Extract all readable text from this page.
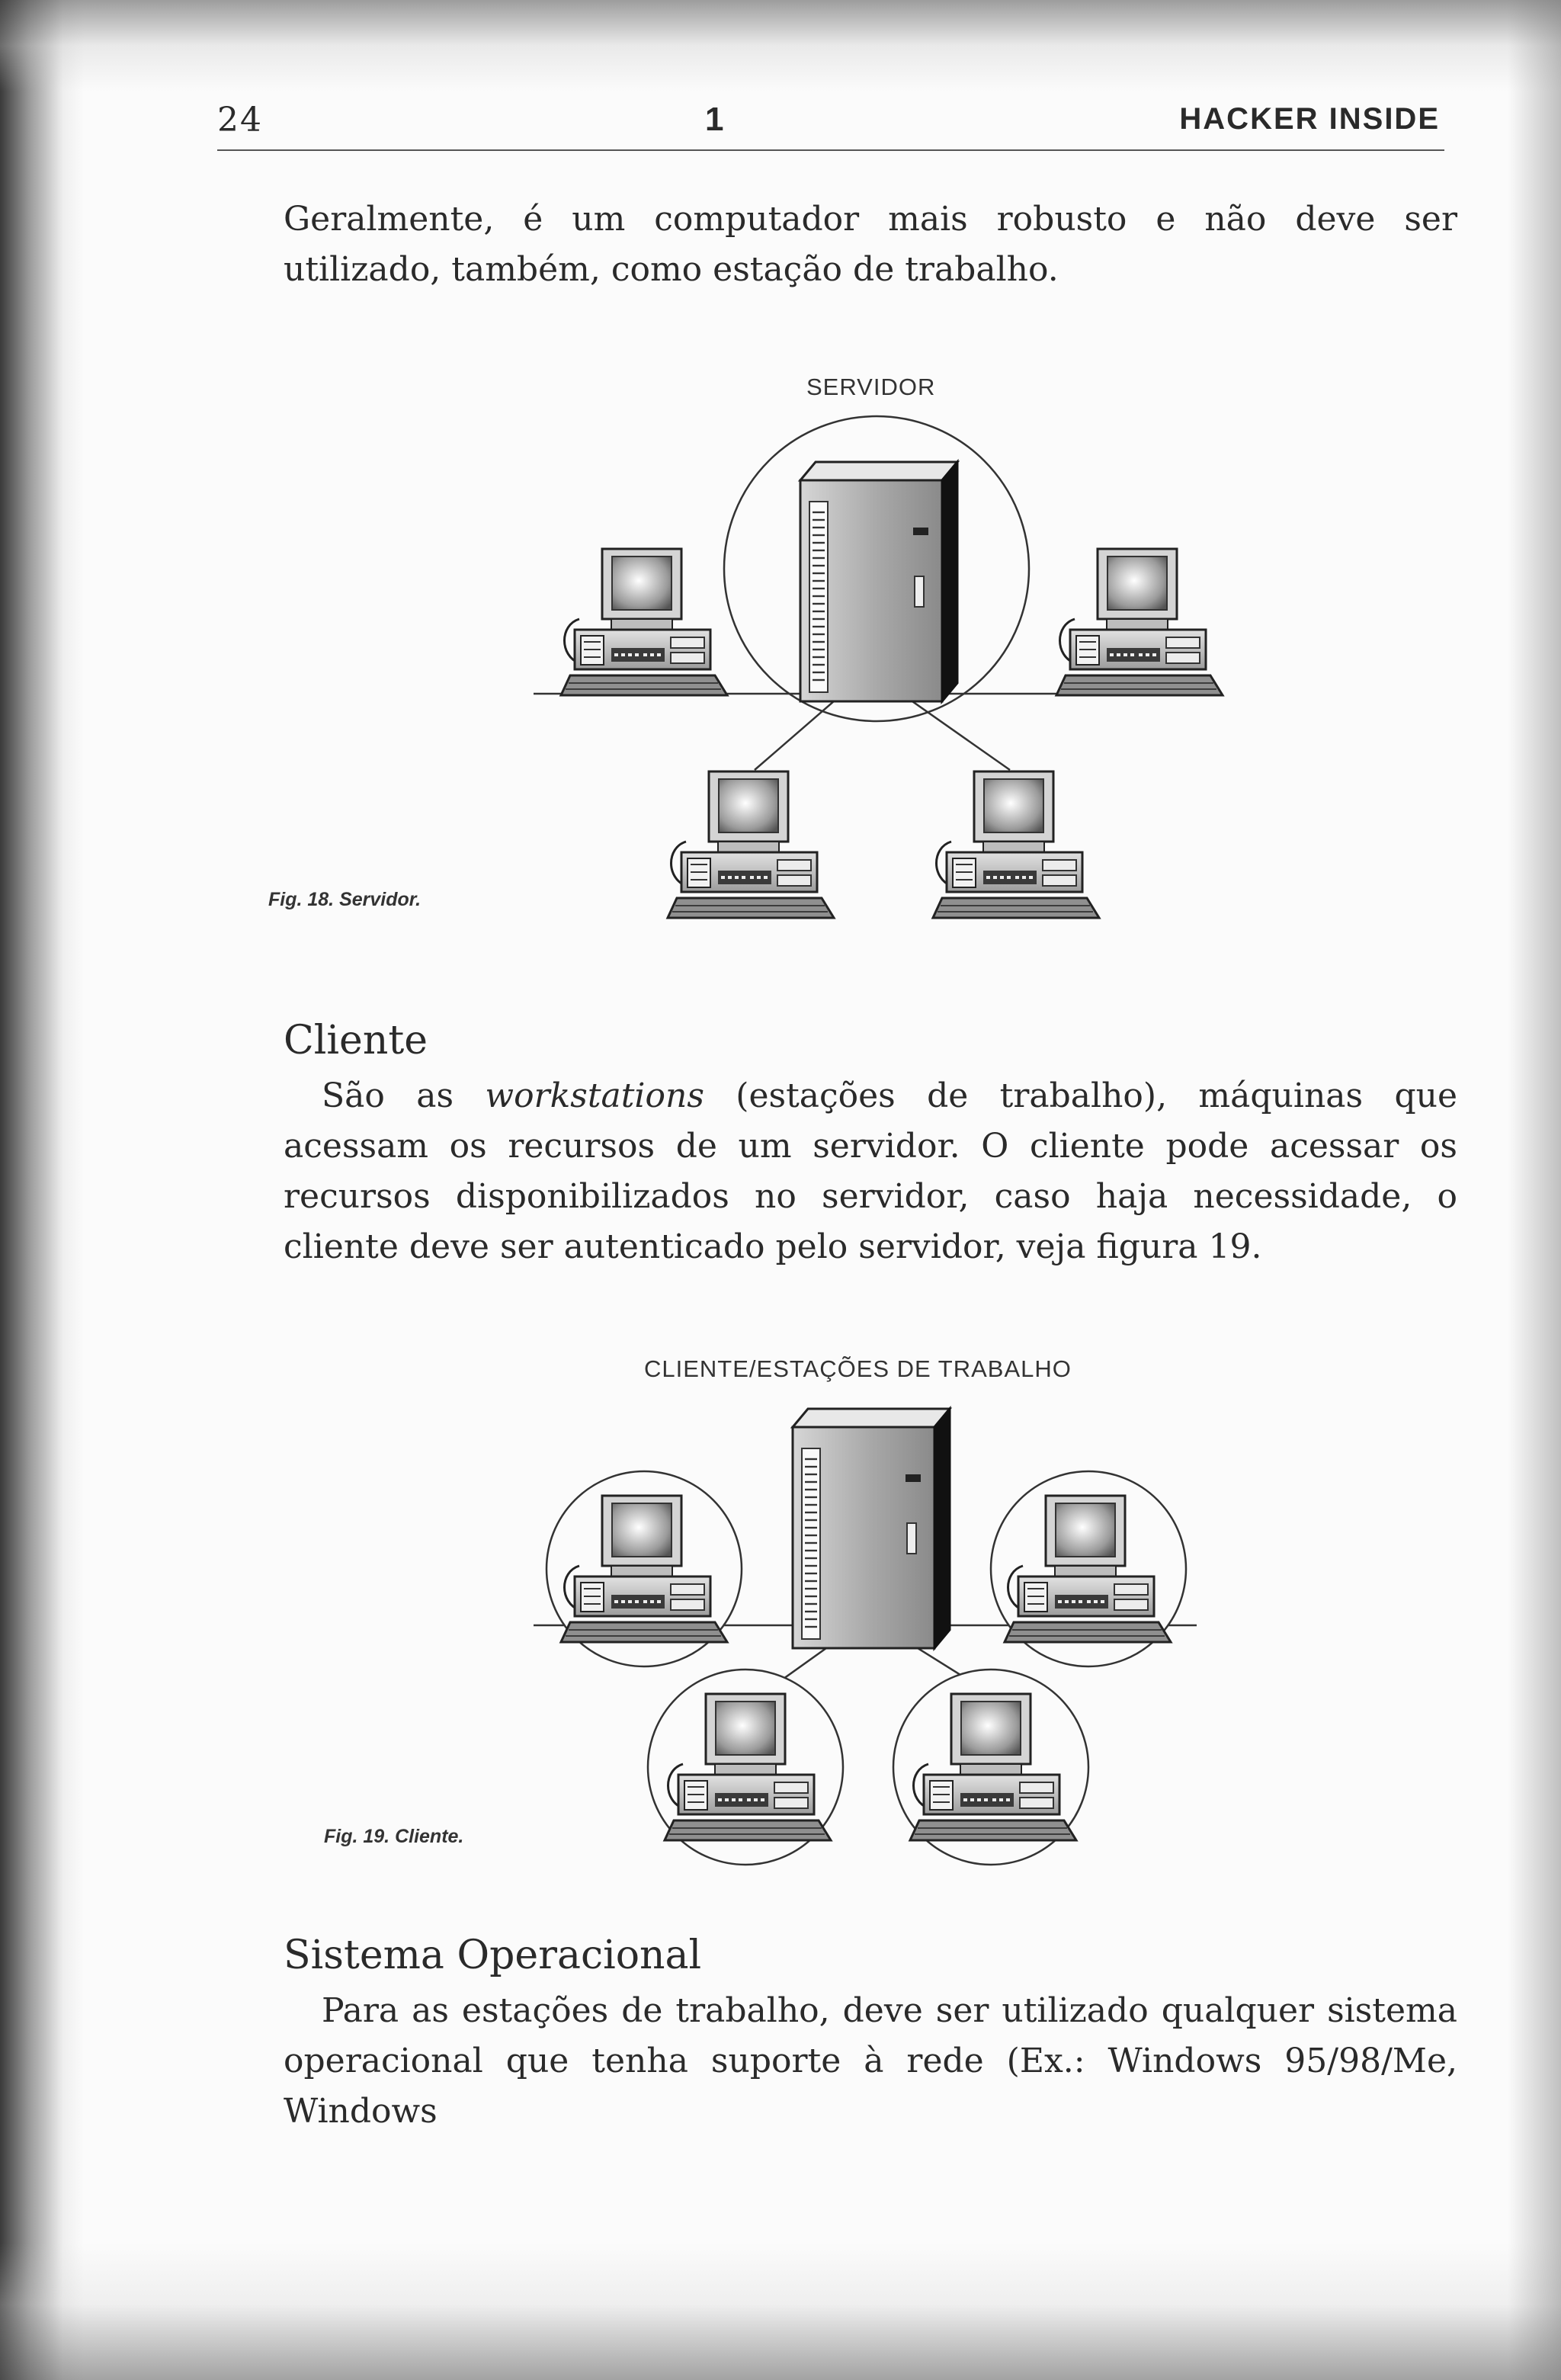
24	1	HACKER INSIDE

Geralmente, é um computador mais robusto e não deve ser utilizado, também, como estação de trabalho.

SERVIDOR
Fig. 18. Servidor.
Cliente

São as workstations (estações de trabalho), máquinas que acessam os recursos de um servidor. O cliente pode acessar os recursos disponibilizados no servidor, caso haja necessidade, o cliente deve ser autenticado pelo servidor, veja figura 19.

CLIENTE/ESTAÇÕES DE TRABALHO
Fig. 19. Cliente.
Sistema Operacional

Para as estações de trabalho, deve ser utilizado qualquer sistema operacional que tenha suporte à rede (Ex.: Windows 95/98/Me, Windows
